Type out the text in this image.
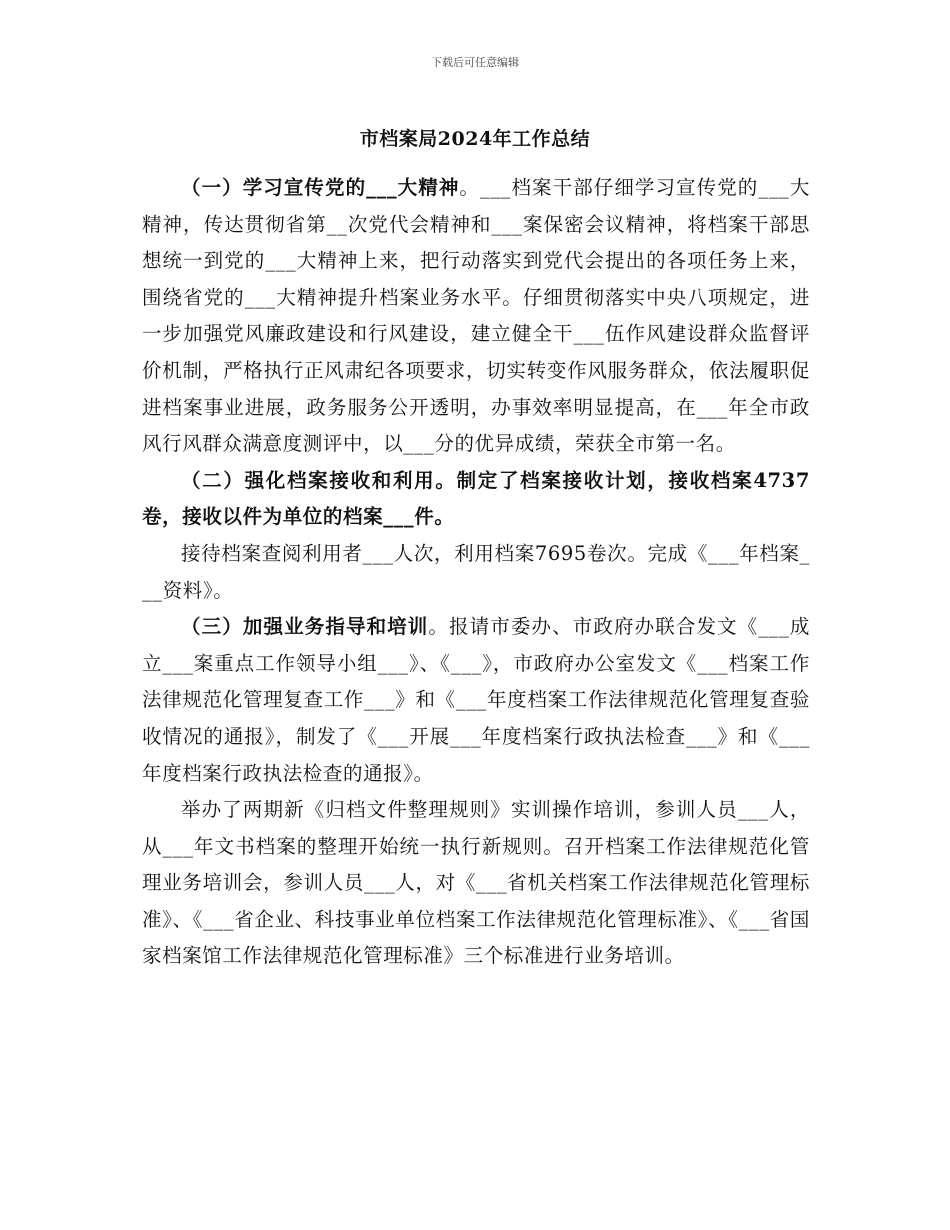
下载后可任意编辑
市档案局2024年工作总结

（一）学习宣传党的___大精神。___档案干部仔细学习宣传党的___大精神，传达贯彻省第__次党代会精神和___案保密会议精神，将档案干部思想统一到党的___大精神上来，把行动落实到党代会提出的各项任务上来，围绕省党的___大精神提升档案业务水平。仔细贯彻落实中央八项规定，进一步加强党风廉政建设和行风建设，建立健全干___伍作风建设群众监督评价机制，严格执行正风肃纪各项要求，切实转变作风服务群众，依法履职促进档案事业进展，政务服务公开透明，办事效率明显提高，在___年全市政风行风群众满意度测评中，以___分的优异成绩，荣获全市第一名。

（二）强化档案接收和利用。制定了档案接收计划，接收档案4737卷，接收以件为单位的档案___件。

接待档案查阅利用者___人次，利用档案7695卷次。完成《___年档案___资料》。

（三）加强业务指导和培训。报请市委办、市政府办联合发文《___成立___案重点工作领导小组___》、《___》，市政府办公室发文《___档案工作法律规范化管理复查工作___》和《___年度档案工作法律规范化管理复查验收情况的通报》，制发了《___开展___年度档案行政执法检查___》和《___年度档案行政执法检查的通报》。

举办了两期新《归档文件整理规则》实训操作培训，参训人员___人，从___年文书档案的整理开始统一执行新规则。召开档案工作法律规范化管理业务培训会，参训人员___人，对《___省机关档案工作法律规范化管理标准》、《___省企业、科技事业单位档案工作法律规范化管理标准》、《___省国家档案馆工作法律规范化管理标准》三个标准进行业务培训。
